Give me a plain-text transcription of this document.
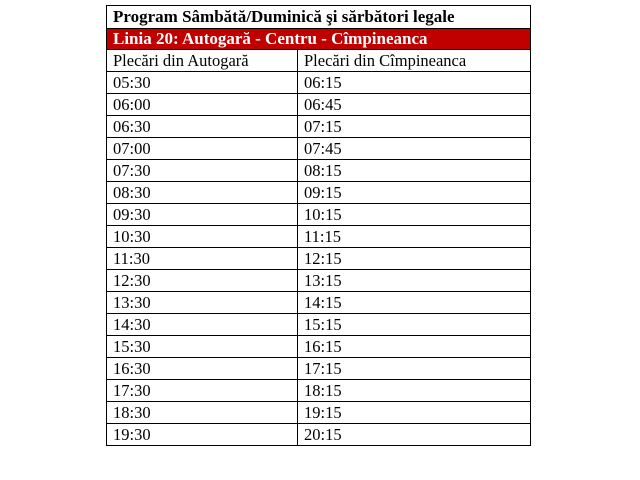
Program Sâmbătă/Duminică şi sărbători legale	
Linia 20: Autogară - Centru - Cîmpineanca	
Plecări din Autogară	Plecări din Cîmpineanca
05:30	06:15
06:00	06:45
06:30	07:15
07:00	07:45
07:30	08:15
08:30	09:15
09:30	10:15
10:30	11:15
11:30	12:15
12:30	13:15
13:30	14:15
14:30	15:15
15:30	16:15
16:30	17:15
17:30	18:15
18:30	19:15
19:30	20:15
